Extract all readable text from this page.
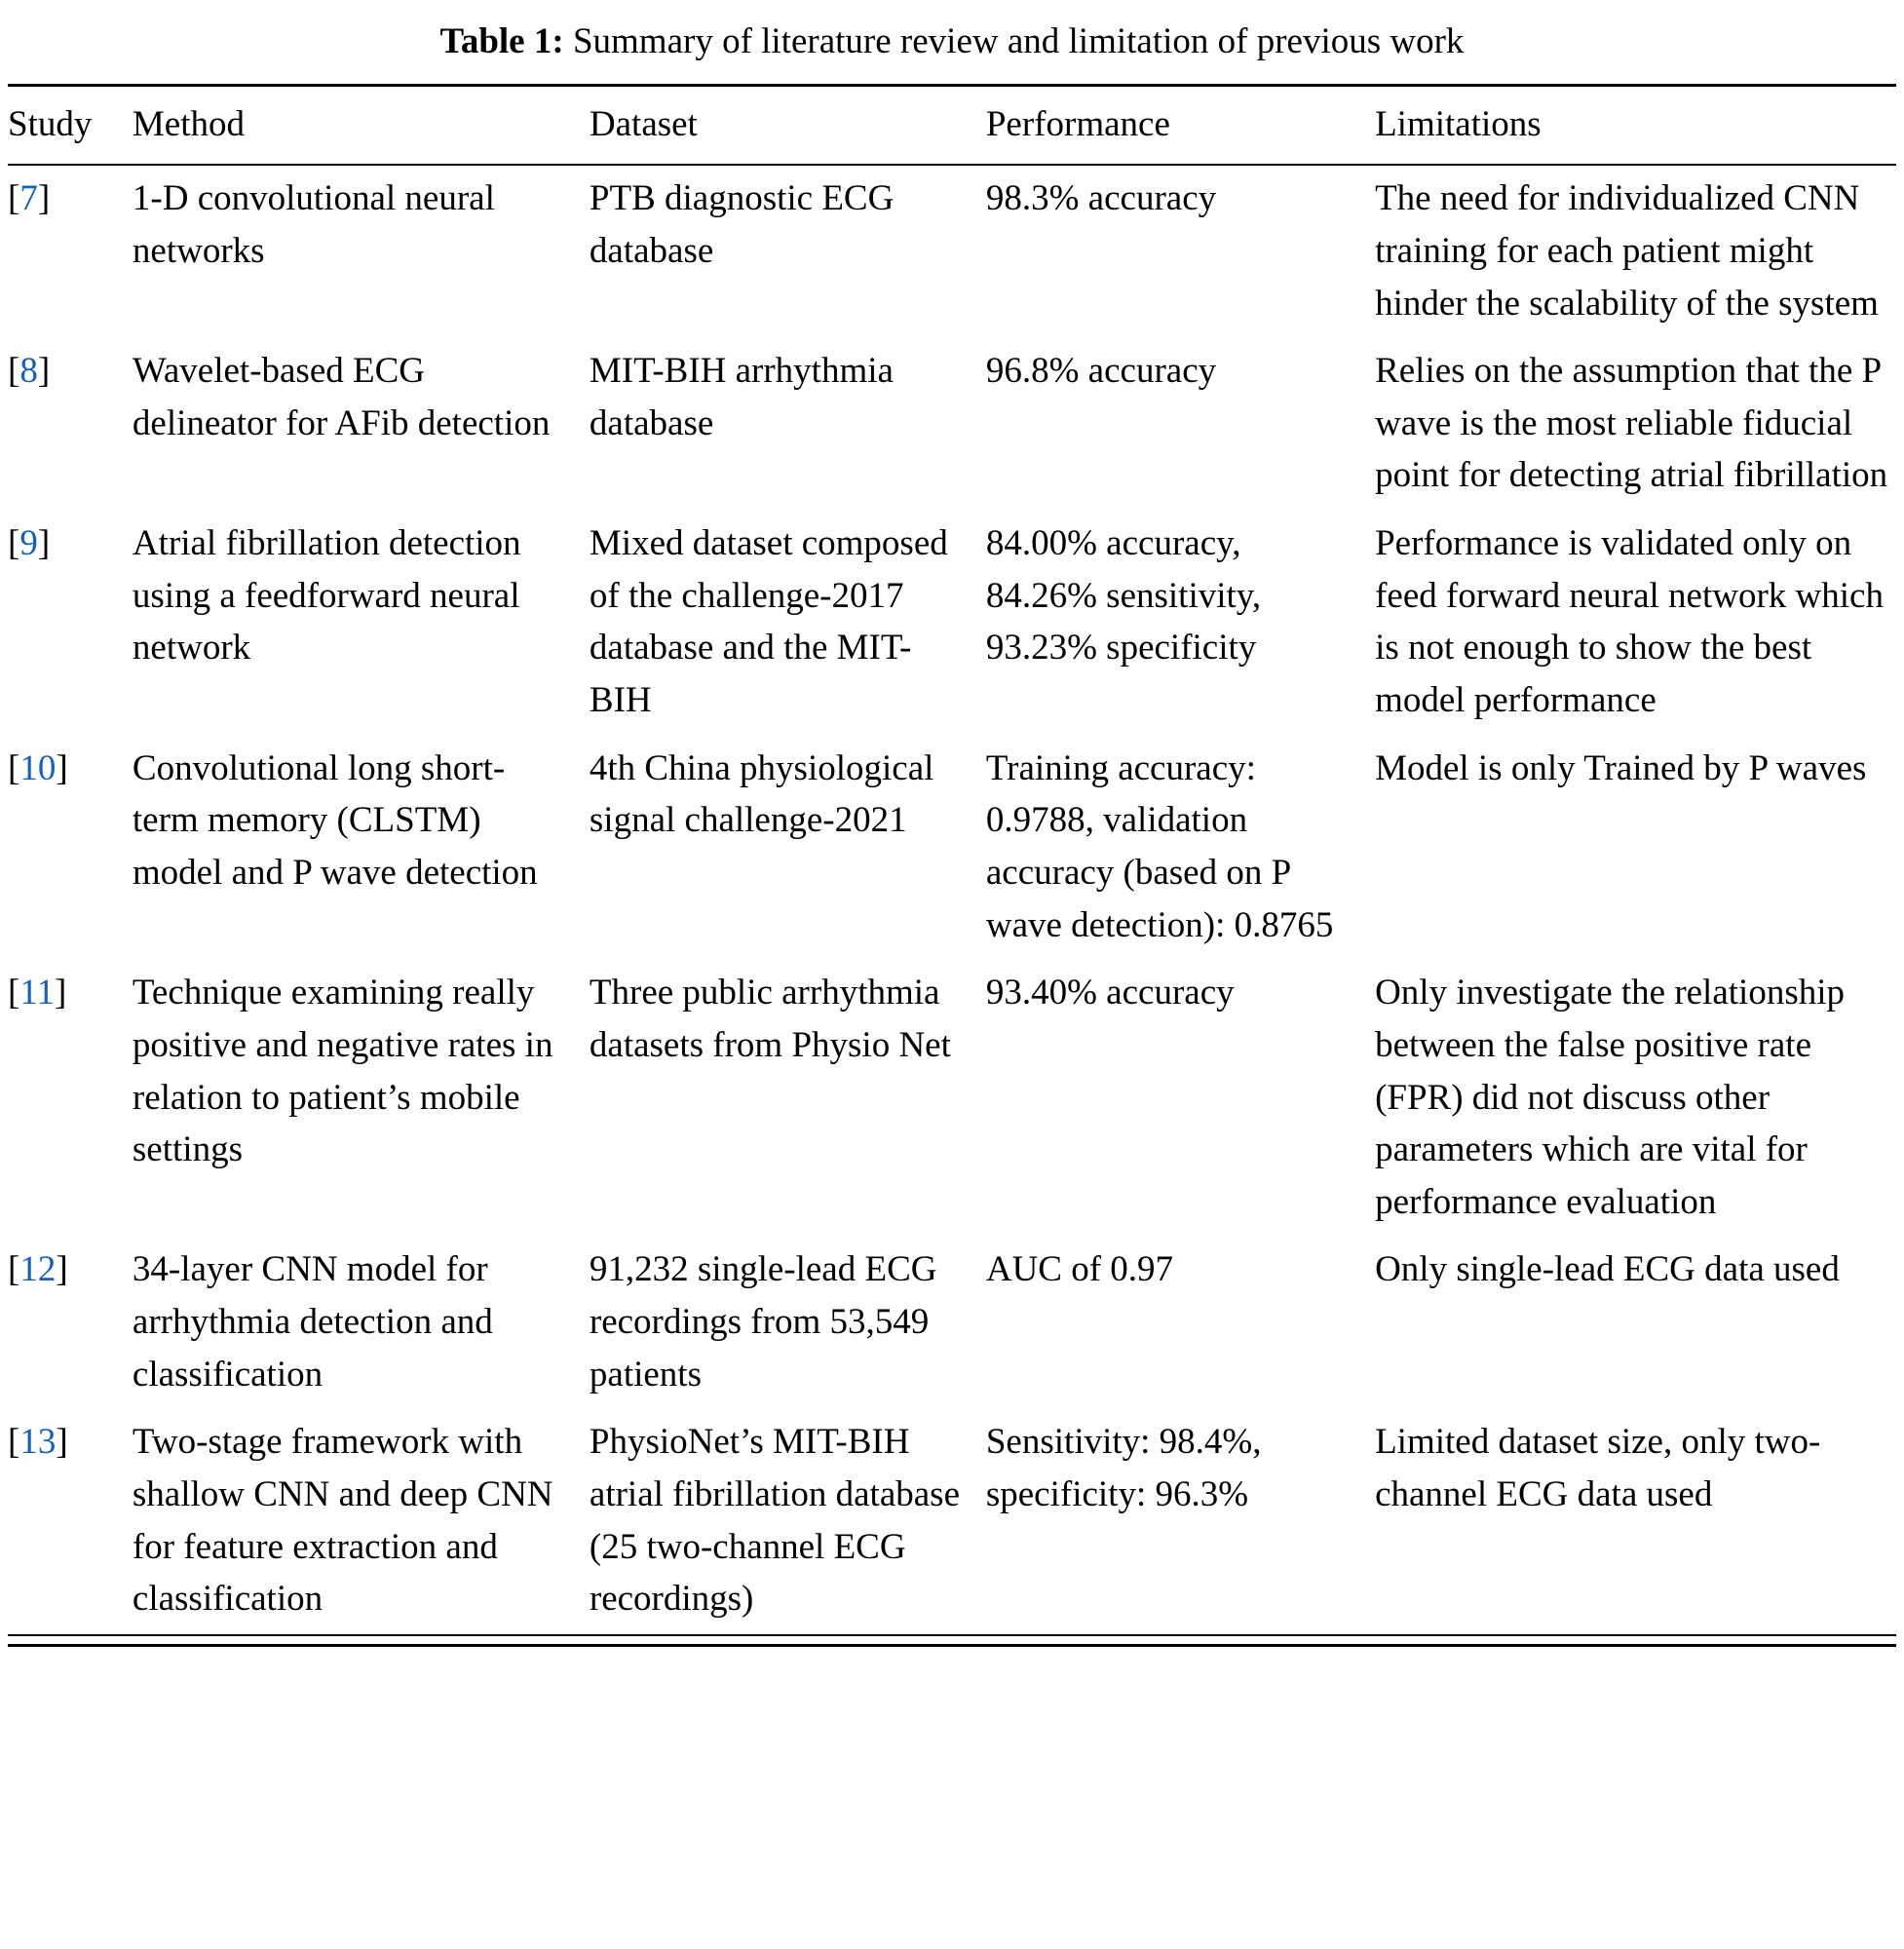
Table 1: Summary of literature review and limitation of previous work
Study	Method	Dataset	Performance	Limitations
[7]	1-D convolutional neural networks	PTB diagnostic ECG database	98.3% accuracy	The need for individualized CNN training for each patient might hinder the scalability of the system
[8]	Wavelet-based ECG delineator for AFib detection	MIT-BIH arrhythmia database	96.8% accuracy	Relies on the assumption that the P wave is the most reliable fiducial point for detecting atrial fibrillation
[9]	Atrial fibrillation detection using a feedforward neural network	Mixed dataset composed of the challenge-2017 database and the MIT-BIH	84.00% accuracy, 84.26% sensitivity, 93.23% specificity	Performance is validated only on feed forward neural network which is not enough to show the best model performance
[10]	Convolutional long short-term memory (CLSTM) model and P wave detection	4th China physiological signal challenge-2021	Training accuracy: 0.9788, validation accuracy (based on P wave detection): 0.8765	Model is only Trained by P waves
[11]	Technique examining really positive and negative rates in relation to patient’s mobile settings	Three public arrhythmia datasets from Physio Net	93.40% accuracy	Only investigate the relationship between the false positive rate (FPR) did not discuss other parameters which are vital for performance evaluation
[12]	34-layer CNN model for arrhythmia detection and classification	91,232 single-lead ECG recordings from 53,549 patients	AUC of 0.97	Only single-lead ECG data used
[13]	Two-stage framework with shallow CNN and deep CNN for feature extraction and classification	PhysioNet’s MIT-BIH atrial fibrillation database (25 two-channel ECG recordings)	Sensitivity: 98.4%, specificity: 96.3%	Limited dataset size, only two-channel ECG data used
